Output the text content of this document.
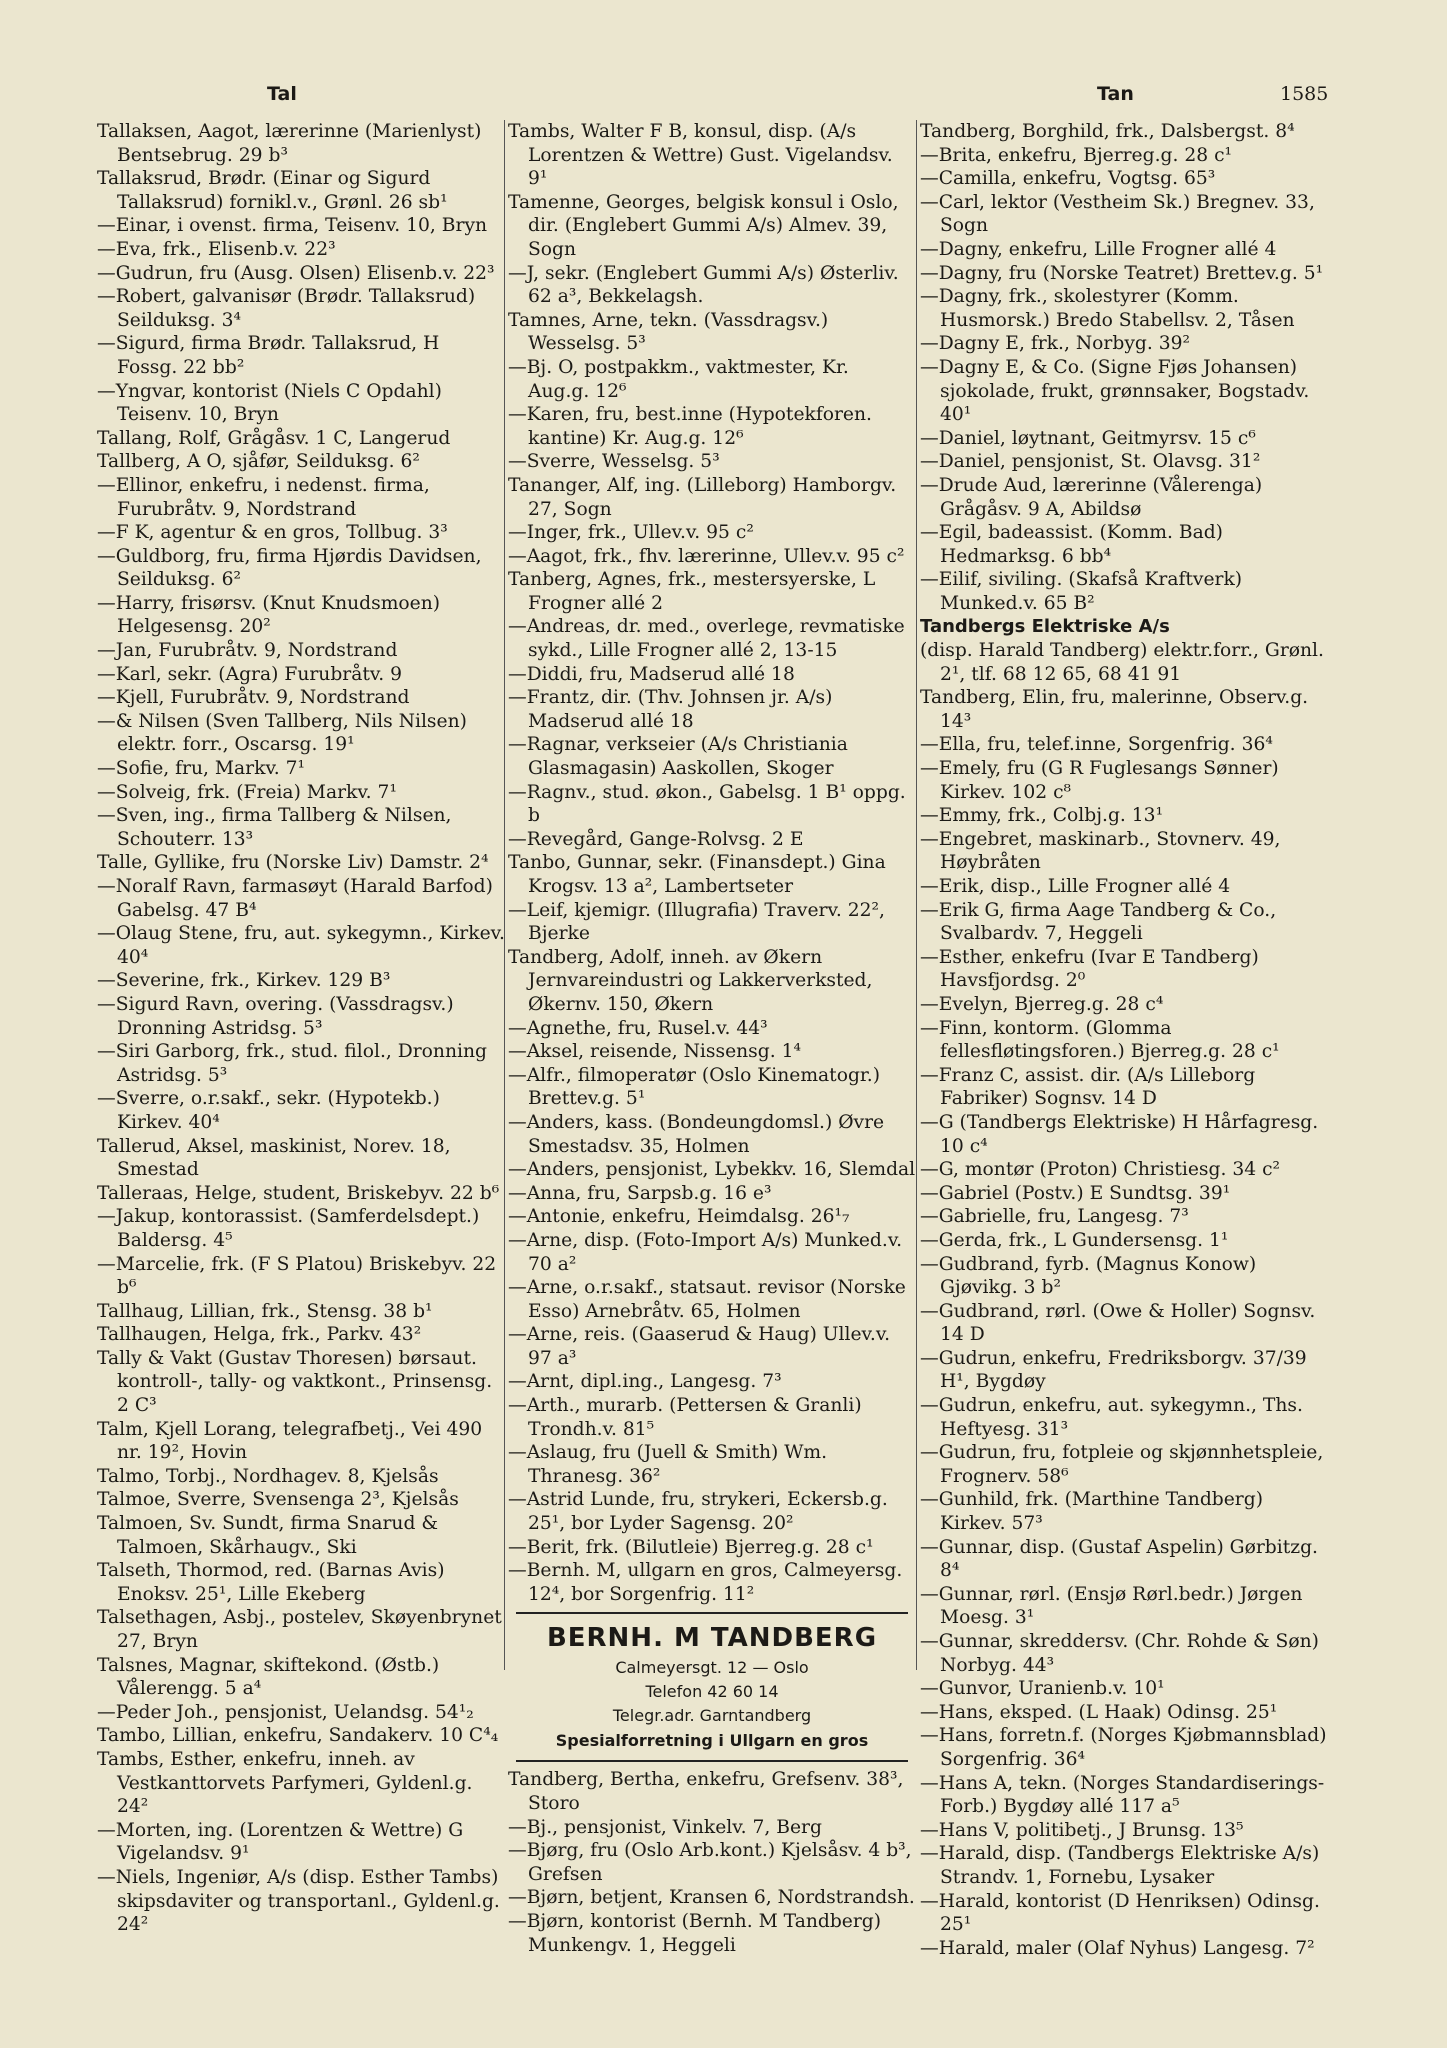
Tal	Tan	1585

Tallaksen, Aagot, lærerinne (Marienlyst) Bentsebrug. 29 b³

Tallaksrud, Brødr. (Einar og Sigurd Tallaksrud) fornikl.v., Grønl. 26 sb¹

—Einar, i ovenst. firma, Teisenv. 10, Bryn

—Eva, frk., Elisenb.v. 22³

—Gudrun, fru (Ausg. Olsen) Elisenb.v. 22³

—Robert, galvanisør (Brødr. Tallaksrud) Seilduksg. 3⁴

—Sigurd, firma Brødr. Tallaksrud, H Fossg. 22 bb²

—Yngvar, kontorist (Niels C Opdahl) Teisenv. 10, Bryn

Tallang, Rolf, Grågåsv. 1 C, Langerud

Tallberg, A O, sjåfør, Seilduksg. 6²

—Ellinor, enkefru, i nedenst. firma, Furubråtv. 9, Nordstrand

—F K, agentur & en gros, Tollbug. 3³

—Guldborg, fru, firma Hjørdis Davidsen, Seilduksg. 6²

—Harry, frisørsv. (Knut Knudsmoen) Helgesensg. 20²

—Jan, Furubråtv. 9, Nordstrand

—Karl, sekr. (Agra) Furubråtv. 9

—Kjell, Furubråtv. 9, Nordstrand

—& Nilsen (Sven Tallberg, Nils Nilsen) elektr. forr., Oscarsg. 19¹

—Sofie, fru, Markv. 7¹

—Solveig, frk. (Freia) Markv. 7¹

—Sven, ing., firma Tallberg & Nilsen, Schouterr. 13³

Talle, Gyllike, fru (Norske Liv) Damstr. 2⁴

—Noralf Ravn, farmasøyt (Harald Barfod) Gabelsg. 47 B⁴

—Olaug Stene, fru, aut. sykegymn., Kirkev. 40⁴

—Severine, frk., Kirkev. 129 B³

—Sigurd Ravn, overing. (Vassdragsv.) Dronning Astridsg. 5³

—Siri Garborg, frk., stud. filol., Dronning Astridsg. 5³

—Sverre, o.r.sakf., sekr. (Hypotekb.) Kirkev. 40⁴

Tallerud, Aksel, maskinist, Norev. 18, Smestad

Talleraas, Helge, student, Briskebyv. 22 b⁶

—Jakup, kontorassist. (Samferdelsdept.) Baldersg. 4⁵

—Marcelie, frk. (F S Platou) Briskebyv. 22 b⁶

Tallhaug, Lillian, frk., Stensg. 38 b¹

Tallhaugen, Helga, frk., Parkv. 43²

Tally & Vakt (Gustav Thoresen) børsaut. kontroll-, tally- og vaktkont., Prinsensg. 2 C³

Talm, Kjell Lorang, telegrafbetj., Vei 490 nr. 19², Hovin

Talmo, Torbj., Nordhagev. 8, Kjelsås

Talmoe, Sverre, Svensenga 2³, Kjelsås

Talmoen, Sv. Sundt, firma Snarud & Talmoen, Skårhaugv., Ski

Talseth, Thormod, red. (Barnas Avis) Enoksv. 25¹, Lille Ekeberg

Talsethagen, Asbj., postelev, Skøyenbrynet 27, Bryn

Talsnes, Magnar, skiftekond. (Østb.) Vålerengg. 5 a⁴

—Peder Joh., pensjonist, Uelandsg. 54¹₂

Tambo, Lillian, enkefru, Sandakerv. 10 C⁴₄

Tambs, Esther, enkefru, inneh. av Vestkanttorvets Parfymeri, Gyldenl.g. 24²

—Morten, ing. (Lorentzen & Wettre) G Vigelandsv. 9¹

—Niels, Ingeniør, A/s (disp. Esther Tambs) skipsdaviter og transportanl., Gyldenl.g. 24²

Tambs, Walter F B, konsul, disp. (A/s Lorentzen & Wettre) Gust. Vigelandsv. 9¹

Tamenne, Georges, belgisk konsul i Oslo, dir. (Englebert Gummi A/s) Almev. 39, Sogn

—J, sekr. (Englebert Gummi A/s) Østerliv. 62 a³, Bekkelagsh.

Tamnes, Arne, tekn. (Vassdragsv.) Wesselsg. 5³

—Bj. O, postpakkm., vaktmester, Kr. Aug.g. 12⁶

—Karen, fru, best.inne (Hypotekforen. kantine) Kr. Aug.g. 12⁶

—Sverre, Wesselsg. 5³

Tananger, Alf, ing. (Lilleborg) Hamborgv. 27, Sogn

—Inger, frk., Ullev.v. 95 c²

—Aagot, frk., fhv. lærerinne, Ullev.v. 95 c²

Tanberg, Agnes, frk., mestersyerske, L Frogner allé 2

—Andreas, dr. med., overlege, revmatiske sykd., Lille Frogner allé 2, 13-15

—Diddi, fru, Madserud allé 18

—Frantz, dir. (Thv. Johnsen jr. A/s) Madserud allé 18

—Ragnar, verkseier (A/s Christiania Glasmagasin) Aaskollen, Skoger

—Ragnv., stud. økon., Gabelsg. 1 B¹ oppg. b

—Revegård, Gange-Rolvsg. 2 E

Tanbo, Gunnar, sekr. (Finansdept.) Gina Krogsv. 13 a², Lambertseter

—Leif, kjemigr. (Illugrafia) Traverv. 22², Bjerke

Tandberg, Adolf, inneh. av Økern Jernvareindustri og Lakkerverksted, Økernv. 150, Økern

—Agnethe, fru, Rusel.v. 44³

—Aksel, reisende, Nissensg. 1⁴

—Alfr., filmoperatør (Oslo Kinematogr.) Brettev.g. 5¹

—Anders, kass. (Bondeungdomsl.) Øvre Smestadsv. 35, Holmen

—Anders, pensjonist, Lybekkv. 16, Slemdal

—Anna, fru, Sarpsb.g. 16 e³

—Antonie, enkefru, Heimdalsg. 26¹₇

—Arne, disp. (Foto-Import A/s) Munked.v. 70 a²

—Arne, o.r.sakf., statsaut. revisor (Norske Esso) Arnebråtv. 65, Holmen

—Arne, reis. (Gaaserud & Haug) Ullev.v. 97 a³

—Arnt, dipl.ing., Langesg. 7³

—Arth., murarb. (Pettersen & Granli) Trondh.v. 81⁵

—Aslaug, fru (Juell & Smith) Wm. Thranesg. 36²

—Astrid Lunde, fru, strykeri, Eckersb.g. 25¹, bor Lyder Sagensg. 20²

—Berit, frk. (Bilutleie) Bjerreg.g. 28 c¹

—Bernh. M, ullgarn en gros, Calmeyersg. 12⁴, bor Sorgenfrig. 11²

BERNH. M TANDBERG
Calmeyersgt. 12 — Oslo
Telefon 42 60 14
Telegr.adr. Garntandberg
Spesialforretning i Ullgarn en gros

Tandberg, Bertha, enkefru, Grefsenv. 38³, Storo

—Bj., pensjonist, Vinkelv. 7, Berg

—Bjørg, fru (Oslo Arb.kont.) Kjelsåsv. 4 b³, Grefsen

—Bjørn, betjent, Kransen 6, Nordstrandsh.

—Bjørn, kontorist (Bernh. M Tandberg) Munkengv. 1, Heggeli

Tandberg, Borghild, frk., Dalsbergst. 8⁴

—Brita, enkefru, Bjerreg.g. 28 c¹

—Camilla, enkefru, Vogtsg. 65³

—Carl, lektor (Vestheim Sk.) Bregnev. 33, Sogn

—Dagny, enkefru, Lille Frogner allé 4

—Dagny, fru (Norske Teatret) Brettev.g. 5¹

—Dagny, frk., skolestyrer (Komm. Husmorsk.) Bredo Stabellsv. 2, Tåsen

—Dagny E, frk., Norbyg. 39²

—Dagny E, & Co. (Signe Fjøs Johansen) sjokolade, frukt, grønnsaker, Bogstadv. 40¹

—Daniel, løytnant, Geitmyrsv. 15 c⁶

—Daniel, pensjonist, St. Olavsg. 31²

—Drude Aud, lærerinne (Vålerenga) Grågåsv. 9 A, Abildsø

—Egil, badeassist. (Komm. Bad) Hedmarksg. 6 bb⁴

—Eilif, siviling. (Skafså Kraftverk) Munked.v. 65 B²

Tandbergs Elektriske A/s

(disp. Harald Tandberg) elektr.forr., Grønl. 2¹, tlf. 68 12 65, 68 41 91

Tandberg, Elin, fru, malerinne, Observ.g. 14³

—Ella, fru, telef.inne, Sorgenfrig. 36⁴

—Emely, fru (G R Fuglesangs Sønner) Kirkev. 102 c⁸

—Emmy, frk., Colbj.g. 13¹

—Engebret, maskinarb., Stovnerv. 49, Høybråten

—Erik, disp., Lille Frogner allé 4

—Erik G, firma Aage Tandberg & Co., Svalbardv. 7, Heggeli

—Esther, enkefru (Ivar E Tandberg) Havsfjordsg. 2⁰

—Evelyn, Bjerreg.g. 28 c⁴

—Finn, kontorm. (Glomma fellesfløtingsforen.) Bjerreg.g. 28 c¹

—Franz C, assist. dir. (A/s Lilleborg Fabriker) Sognsv. 14 D

—G (Tandbergs Elektriske) H Hårfagresg. 10 c⁴

—G, montør (Proton) Christiesg. 34 c²

—Gabriel (Postv.) E Sundtsg. 39¹

—Gabrielle, fru, Langesg. 7³

—Gerda, frk., L Gundersensg. 1¹

—Gudbrand, fyrb. (Magnus Konow) Gjøvikg. 3 b²

—Gudbrand, rørl. (Owe & Holler) Sognsv. 14 D

—Gudrun, enkefru, Fredriksborgv. 37/39 H¹, Bygdøy

—Gudrun, enkefru, aut. sykegymn., Ths. Heftyesg. 31³

—Gudrun, fru, fotpleie og skjønnhetspleie, Frognerv. 58⁶

—Gunhild, frk. (Marthine Tandberg) Kirkev. 57³

—Gunnar, disp. (Gustaf Aspelin) Gørbitzg. 8⁴

—Gunnar, rørl. (Ensjø Rørl.bedr.) Jørgen Moesg. 3¹

—Gunnar, skreddersv. (Chr. Rohde & Søn) Norbyg. 44³

—Gunvor, Uranienb.v. 10¹

—Hans, eksped. (L Haak) Odinsg. 25¹

—Hans, forretn.f. (Norges Kjøbmannsblad) Sorgenfrig. 36⁴

—Hans A, tekn. (Norges Standardiserings-Forb.) Bygdøy allé 117 a⁵

—Hans V, politibetj., J Brunsg. 13⁵

—Harald, disp. (Tandbergs Elektriske A/s) Strandv. 1, Fornebu, Lysaker

—Harald, kontorist (D Henriksen) Odinsg. 25¹

—Harald, maler (Olaf Nyhus) Langesg. 7²
